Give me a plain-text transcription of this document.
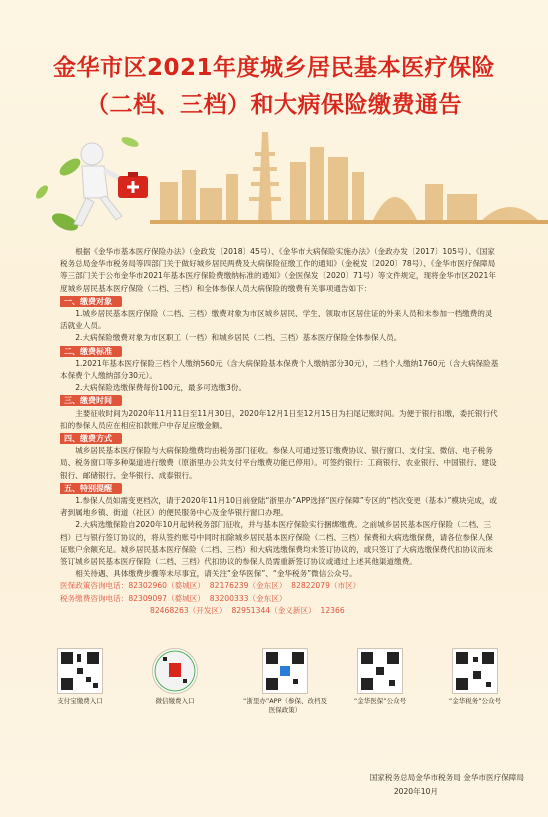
金华市区2021年度城乡居民基本医疗保险
（二档、三档）和大病保险缴费通告
根据《金华市基本医疗保险办法》（金政发〔2018〕45号）、《金华市大病保险实施办法》（金政办发〔2017〕105号）、《国家税务总局金华市税务局等四部门关于做好城乡居民两费及大病保险征缴工作的通知》（金税发〔2020〕78号）、《金华市医疗保障局等三部门关于公布金华市2021年基本医疗保险费缴纳标准的通知》（金医保发〔2020〕71号）等文件规定，现将金华市区2021年度城乡居民基本医疗保险（二档、三档）和全体参保人员大病保险的缴费有关事项通告如下：
一、缴费对象
1.城乡居民基本医疗保险（二档、三档）缴费对象为市区城乡居民、学生、领取市区居住证的外来人员和未参加一档缴费的灵活就业人员。
2.大病保险缴费对象为市区职工（一档）和城乡居民（二档、三档）基本医疗保险全体参保人员。
二、缴费标准
1.2021年基本医疗保险三档个人缴纳560元（含大病保险基本保费个人缴纳部分30元），二档个人缴纳1760元（含大病保险基本保费个人缴纳部分30元）。
2.大病保险选缴保费每份100元，最多可选缴3份。
三、缴费时间
主要征收时间为2020年11月11日至11月30日，2020年12月1日至12月15日为扫尾记账时间。为便于银行扣缴，委托银行代扣的参保人员应在相应扣款账户中存足应缴金额。
四、缴费方式
城乡居民基本医疗保险与大病保险缴费均由税务部门征收。参保人可通过签订缴费协议、银行窗口、支付宝、微信、电子税务局、税务窗口等多种渠道进行缴费（原浙里办公共支付平台缴费功能已停用）。可签约银行：工商银行、农业银行、中国银行、建设银行、邮储银行、金华银行、成泰银行。
五、特别提醒
1.参保人员如需变更档次，请于2020年11月10日前登陆“浙里办”APP选择“医疗保障”专区的“档次变更（基本）”模块完成，或者到属地乡镇、街道（社区）的便民服务中心及金华银行窗口办理。
2.大病选缴保险自2020年10月起转税务部门征收，并与基本医疗保险实行捆绑缴费。之前城乡居民基本医疗保险（二档、三档）已与银行签订协议的，将从签约账号中同时扣除城乡居民基本医疗保险（二档、三档）保费和大病选缴保费，请各位参保人保证账户余额充足。城乡居民基本医疗保险（二档、三档）和大病选缴保费均未签订协议的，或只签订了大病选缴保费代扣协议而未签订城乡居民基本医疗保险（二档、三档）代扣协议的参保人员需重新签订协议或通过上述其他渠道缴费。
相关待遇、具体缴费步骤等未尽事宜，请关注“金华医保”、“金华税务”微信公众号。
医保政策咨询电话：82302960（婺城区） 82176239（金东区） 82822079（市区）
税务缴费咨询电话：82309097（婺城区） 83200333（金东区）
82468263（开发区） 82951344（金义新区） 12366
支付宝缴费入口	微信缴费入口	“浙里办”APP（参保、改档及医保政策）
“金华医保”公众号	“金华税务”公众号
国家税务总局金华市税务局 金华市医疗保障局
2020年10月
